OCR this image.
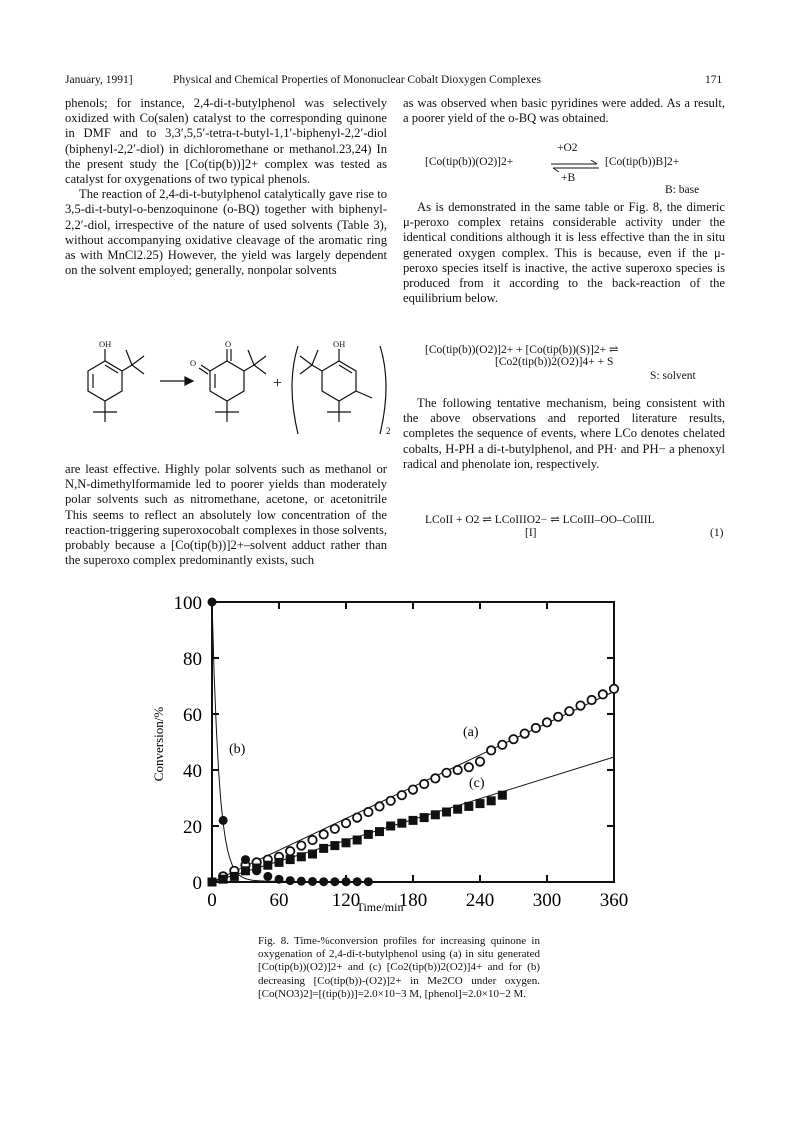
January, 1991]	Physical and Chemical Properties of Mononuclear Cobalt Dioxygen Complexes	171

phenols; for instance, 2,4-di-t-butylphenol was selectively oxidized with Co(salen) catalyst to the corresponding quinone in DMF and to 3,3′,5,5′-tetra-t-butyl-1,1′-biphenyl-2,2′-diol (biphenyl-2,2′-diol) in dichloromethane or methanol.23,24) In the present study the [Co(tip(b))]2+ complex was tested as catalyst for oxygenations of two typical phenols.

The reaction of 2,4-di-t-butylphenol catalytically gave rise to 3,5-di-t-butyl-o-benzoquinone (o-BQ) together with biphenyl-2,2′-diol, irrespective of the nature of used solvents (Table 3), without accompanying oxidative cleavage of the aromatic ring as with MnCl2.25) However, the yield was largely dependent on the solvent employed; generally, nonpolar solvents

OH	O
O
OH
+
2

are least effective. Highly polar solvents such as methanol or N,N-dimethylformamide led to poorer yields than moderately polar solvents such as nitromethane, acetone, or acetonitrile This seems to reflect an absolutely low concentration of the reaction-triggering superoxocobalt complexes in those solvents, probably because a [Co(tip(b))]2+–solvent adduct rather than the superoxo complex predominantly exists, such

as was observed when basic pyridines were added. As a result, a poorer yield of the o-BQ was obtained.

[Co(tip(b))(O2)]2+
+O2
+B
[Co(tip(b))B]2+
B: base

As is demonstrated in the same table or Fig. 8, the dimeric μ-peroxo complex retains considerable activity under the identical conditions although it is less effective than the in situ generated oxygen complex. This is because, even if the μ-peroxo species itself is inactive, the active superoxo species is produced from it according to the back-reaction of the equilibrium below.

[Co(tip(b))(O2)]2+ + [Co(tip(b))(S)]2+ ⇌
[Co2(tip(b))2(O2)]4+ + S
S: solvent

The following tentative mechanism, being consistent with the above observations and reported literature results, completes the sequence of events, where LCo denotes chelated cobalts, H-PH a di-t-butylphenol, and PH· and PH− a phenoxyl radical and phenolate ion, respectively.

LCoII + O2 ⇌ LCoIIIO2− ⇌ LCoIII–OO–CoIIIL
[I]	(1)
Conversion/%
Time/min
(a)
(b)
(c)
0	60 120 180 240 300 360
0
20
40
60
80
100
Fig. 8. Time-%conversion profiles for increasing quinone in oxygenation of 2,4-di-t-butylphenol using (a) in situ generated [Co(tip(b))(O2)]2+ and (c) [Co2(tip(b))2(O2)]4+ and for (b) decreasing [Co(tip(b))-(O2)]2+ in Me2CO under oxygen. [Co(NO3)2]=[(tip(b))]=2.0×10−3 M, [phenol]=2.0×10−2 M.
